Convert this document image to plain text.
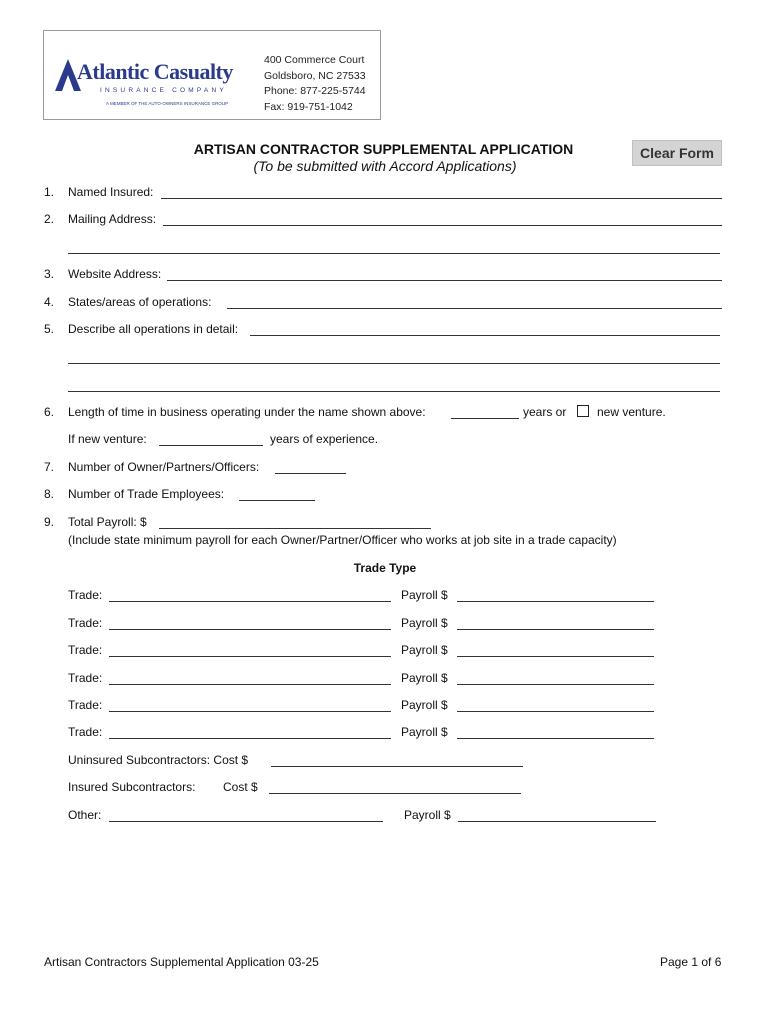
Atlantic Casualty
INSURANCE COMPANY
A MEMBER OF THE AUTO-OWNERS INSURANCE GROUP
400 Commerce Court
Goldsboro, NC 27533
Phone: 877-225-5744
Fax: 919-751-1042
ARTISAN CONTRACTOR SUPPLEMENTAL APPLICATION
(To be submitted with Accord Applications)
Clear Form
1. Named Insured:
2. Mailing Address:
3. Website Address:
4. States/areas of operations:
5. Describe all operations in detail:
6. Length of time in business operating under the name shown above:	years or	new venture.
If new venture:	years of experience.
7. Number of Owner/Partners/Officers:
8. Number of Trade Employees:
9. Total Payroll: $
(Include state minimum payroll for each Owner/Partner/Officer who works at job site in a trade capacity)
Trade Type
Trade:	Payroll $
Trade:	Payroll $
Trade:	Payroll $
Trade:	Payroll $
Trade:	Payroll $
Trade:	Payroll $
Uninsured Subcontractors: Cost $
Insured Subcontractors: Cost $
Other:	Payroll $
Artisan Contractors Supplemental Application 03-25	Page 1 of 6
